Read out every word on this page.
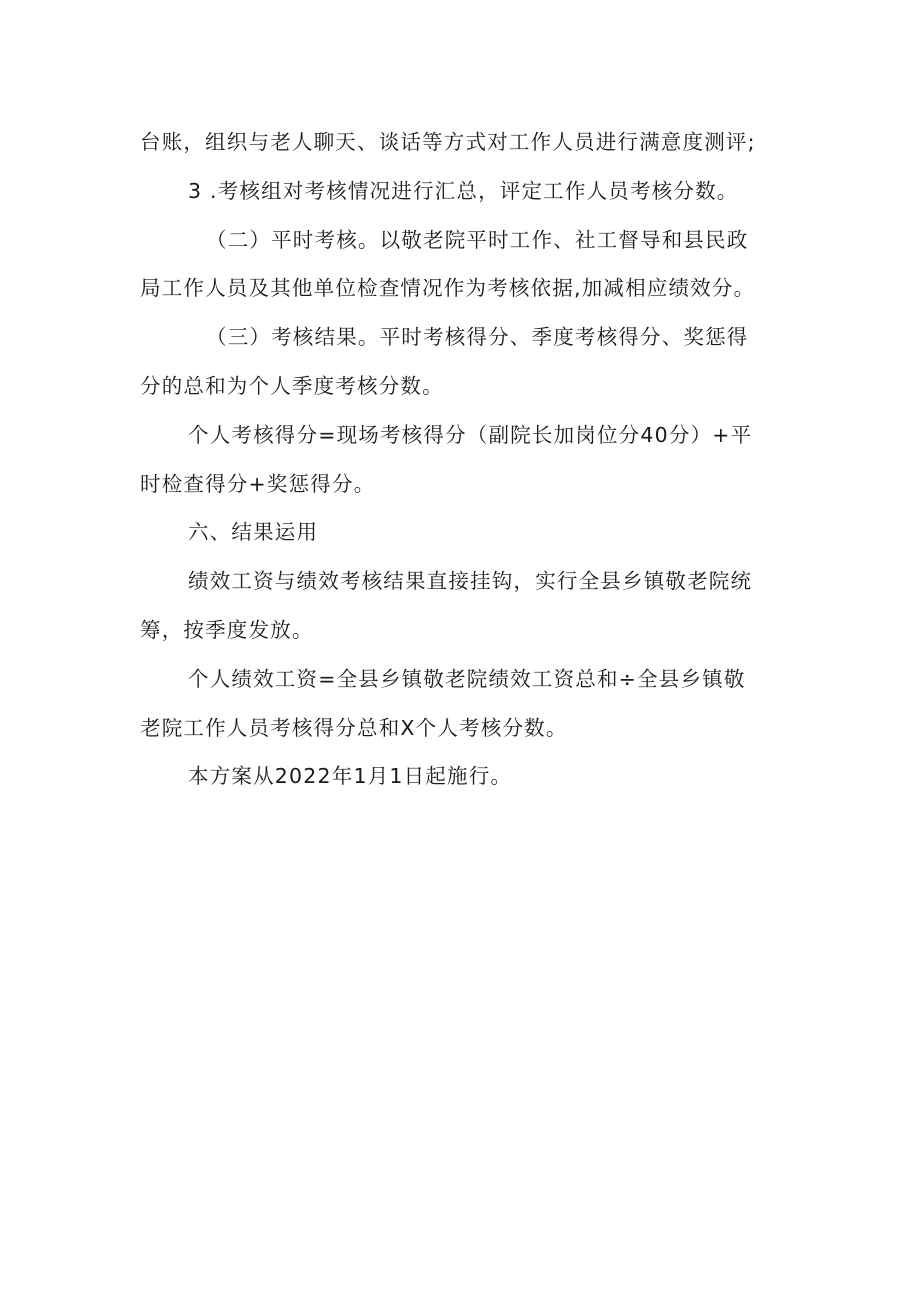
台账，组织与老人聊天、谈话等方式对工作人员进行满意度测评;
3 .考核组对考核情况进行汇总，评定工作人员考核分数。
（二）平时考核。以敬老院平时工作、社工督导和县民政
局工作人员及其他单位检查情况作为考核依据,加减相应绩效分。
（三）考核结果。平时考核得分、季度考核得分、奖惩得
分的总和为个人季度考核分数。
个人考核得分=现场考核得分（副院长加岗位分40分）+平
时检查得分+奖惩得分。
六、结果运用
绩效工资与绩效考核结果直接挂钩，实行全县乡镇敬老院统
筹，按季度发放。
个人绩效工资=全县乡镇敬老院绩效工资总和÷全县乡镇敬
老院工作人员考核得分总和X个人考核分数。
本方案从2022年1月1日起施行。
